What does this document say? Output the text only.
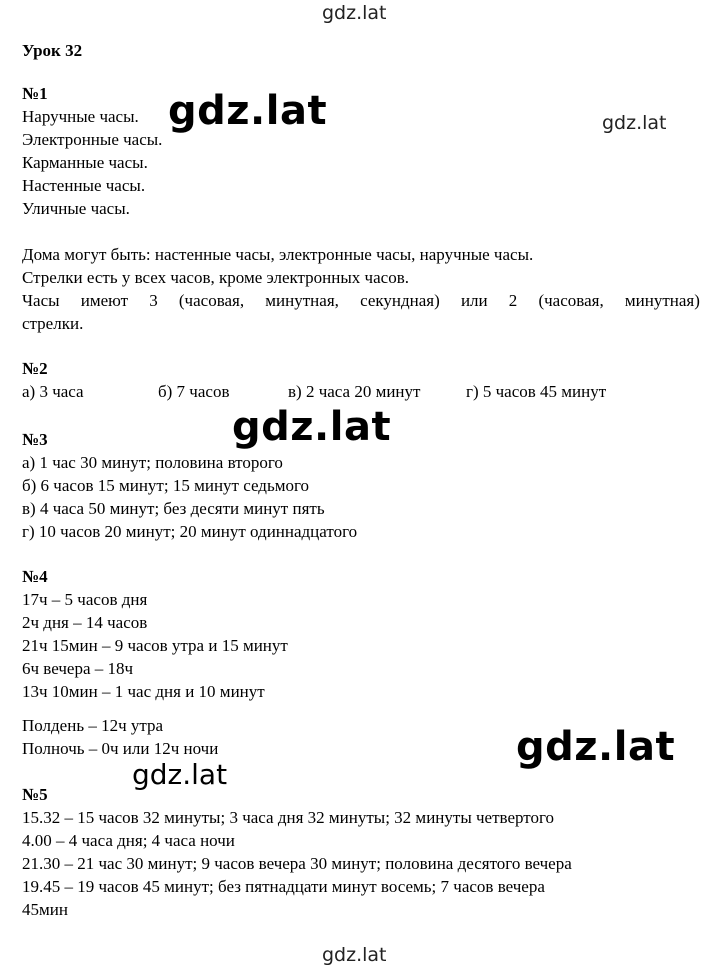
gdz.lat
gdz.lat	gdz.lat
gdz.lat
gdz.lat
gdz.lat
gdz.lat
Урок 32
№1
Наручные часы.
Электронные часы.
Карманные часы.
Настенные часы.
Уличные часы.
Дома могут быть: настенные часы, электронные часы, наручные часы.
Стрелки есть у всех часов, кроме электронных часов.
Часы имеют 3 (часовая, минутная, секундная) или 2 (часовая, минутная)
стрелки.
№2
а) 3 часа	б) 7 часов	в) 2 часа 20 минут	г) 5 часов 45 минут
№3
а) 1 час 30 минут; половина второго
б) 6 часов 15 минут; 15 минут седьмого
в) 4 часа 50 минут; без десяти минут пять
г) 10 часов 20 минут; 20 минут одиннадцатого
№4
17ч – 5 часов дня
2ч дня – 14 часов
21ч 15мин – 9 часов утра и 15 минут
6ч вечера – 18ч
13ч 10мин – 1 час дня и 10 минут
Полдень – 12ч утра
Полночь – 0ч или 12ч ночи
№5
15.32 – 15 часов 32 минуты; 3 часа дня 32 минуты; 32 минуты четвертого
4.00 – 4 часа дня; 4 часа ночи
21.30 – 21 час 30 минут; 9 часов вечера 30 минут; половина десятого вечера
19.45 – 19 часов 45 минут; без пятнадцати минут восемь; 7 часов вечера
45мин
